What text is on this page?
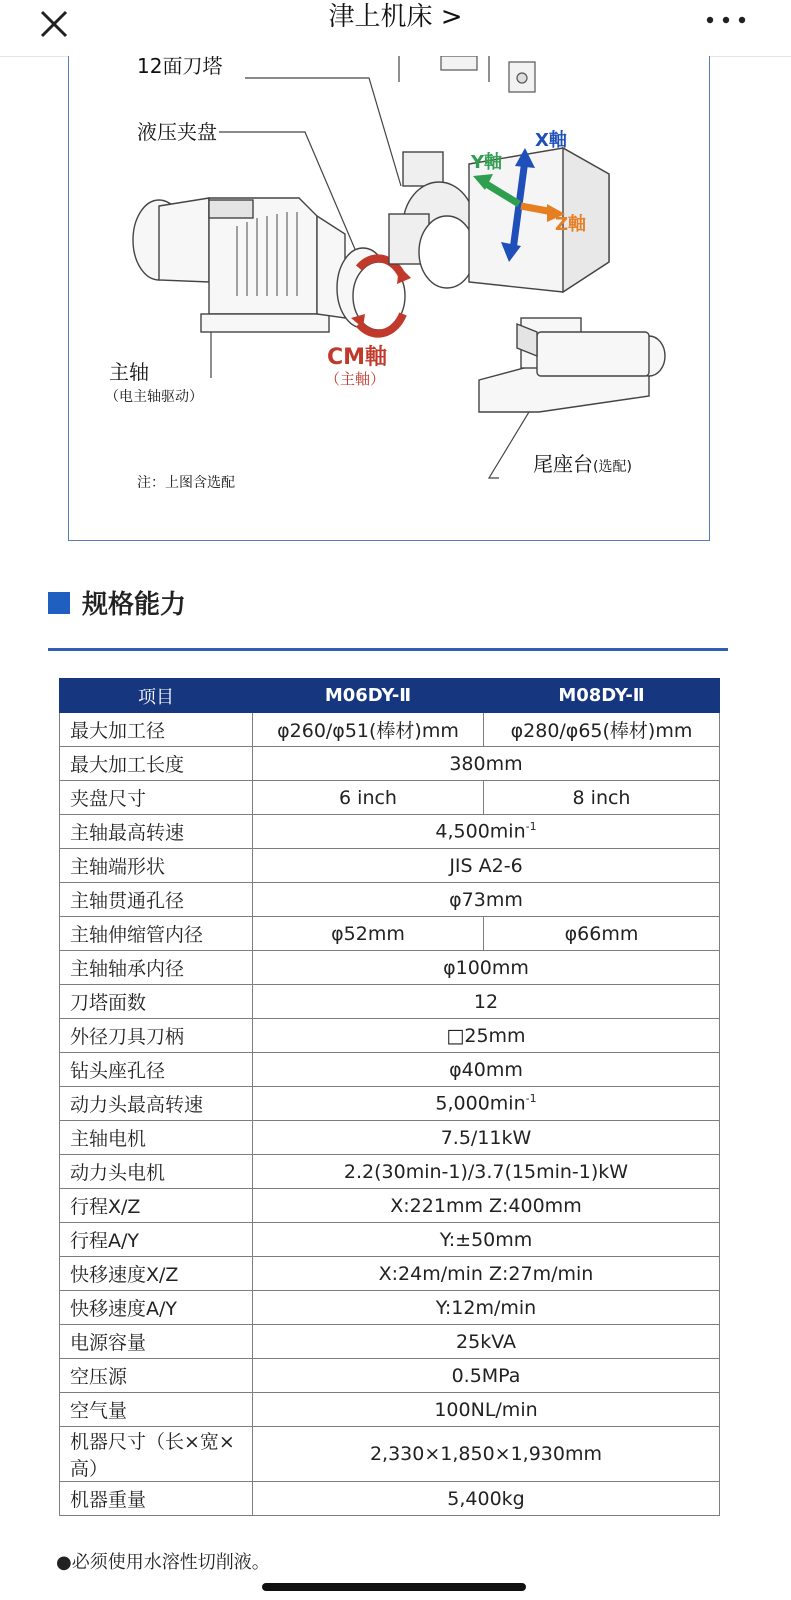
津上机床 >
12面刀塔
液压夹盘
主轴
（电主轴驱动）
CM軸
（主軸）
X軸
Y軸
Z軸
尾座台(选配)
注：上图含选配
规格能力
项目	M06DY-Ⅱ	M08DY-Ⅱ
最大加工径	φ260/φ51(棒材)mm	φ280/φ65(棒材)mm
最大加工长度	380mm	
夹盘尺寸	6 inch	8 inch
主轴最高转速	$4,500\min^{-1}$
主轴端形状	JIS A2-6	
主轴贯通孔径	φ73mm	
主轴伸缩管内径	φ52mm	φ66mm
主轴轴承内径	φ100mm	
刀塔面数	12	
外径刀具刀柄	□25mm	
钻头座孔径	φ40mm	
动力头最高转速	$5,000\min^{-1}$
主轴电机	7.5/11kW	
动力头电机	2.2(30min-1)/3.7(15min-1)kW	
行程X/Z	X:221mm Z:400mm	
行程A/Y	Y:±50mm	
快移速度X/Z	X:24m/min Z:27m/min	
快移速度A/Y	Y:12m/min	
电源容量	25kVA	
空压源	0.5MPa	
空气量	100NL/min	
机器尺寸（长×宽×高）	2,330×1,850×1,930mm	
机器重量	5,400kg	
●必须使用水溶性切削液。
